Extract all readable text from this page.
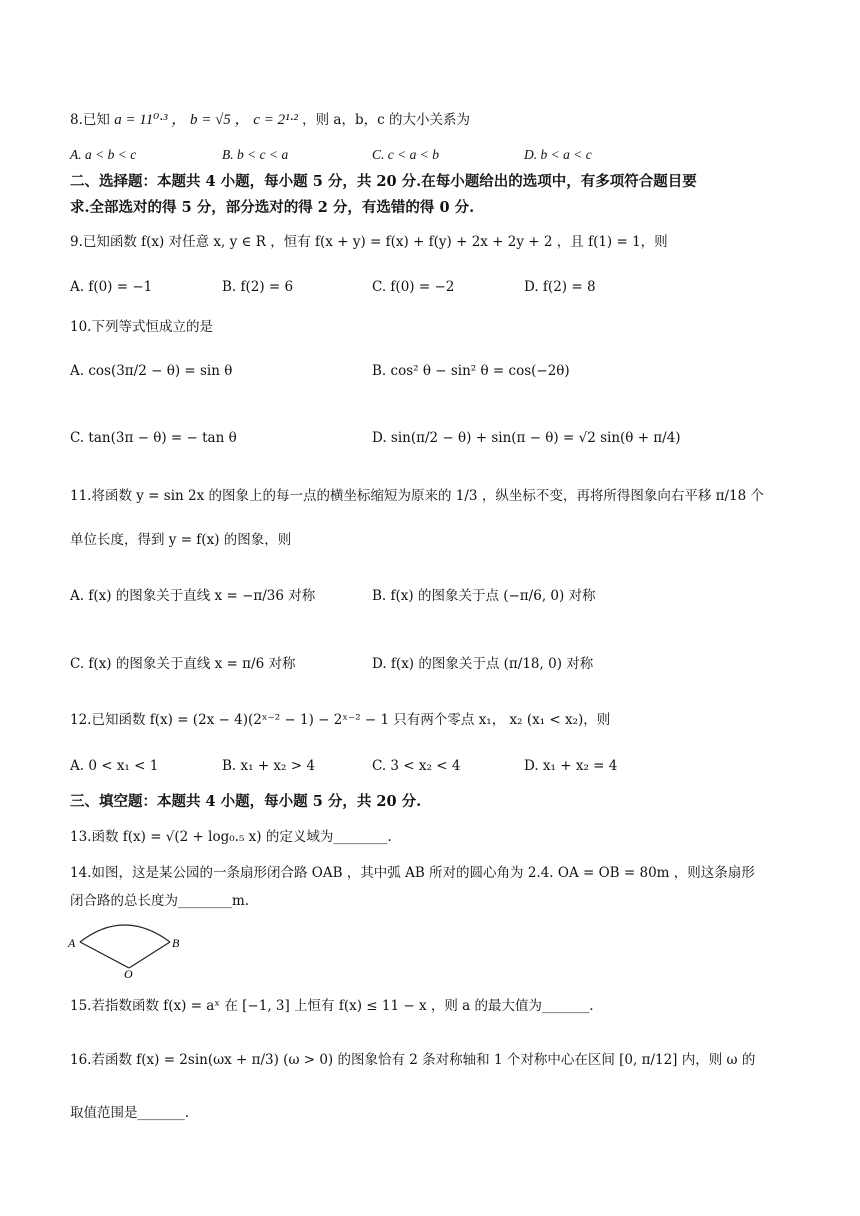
8.已知 a = 11⁰·³ ， b = √5 ， c = 2¹·² ，则 a，b，c 的大小关系为
A. a < b < c	B. b < c < a	C. c < a < b	D. b < a < c
二、选择题：本题共 4 小题，每小题 5 分，共 20 分.在每小题给出的选项中，有多项符合题目要
求.全部选对的得 5 分，部分选对的得 2 分，有选错的得 0 分.
9.已知函数 f(x) 对任意 x, y ∈ R ，恒有 f(x + y) = f(x) + f(y) + 2x + 2y + 2 ，且 f(1) = 1，则
A. f(0) = −1	B. f(2) = 6	C. f(0) = −2	D. f(2) = 8
10.下列等式恒成立的是
A. cos(3π/2 − θ) = sin θ	B. cos² θ − sin² θ = cos(−2θ)
C. tan(3π − θ) = − tan θ	D. sin(π/2 − θ) + sin(π − θ) = √2 sin(θ + π/4)
11.将函数 y = sin 2x 的图象上的每一点的横坐标缩短为原来的 1/3 ，纵坐标不变，再将所得图象向右平移 π/18 个
单位长度，得到 y = f(x) 的图象，则
A. f(x) 的图象关于直线 x = −π/36 对称	B. f(x) 的图象关于点 (−π/6, 0) 对称
C. f(x) 的图象关于直线 x = π/6 对称	D. f(x) 的图象关于点 (π/18, 0) 对称
12.已知函数 f(x) = (2x − 4)(2ˣ⁻² − 1) − 2ˣ⁻² − 1 只有两个零点 x₁， x₂ (x₁ < x₂)，则
A. 0 < x₁ < 1	B. x₁ + x₂ > 4	C. 3 < x₂ < 4	D. x₁ + x₂ = 4
三、填空题：本题共 4 小题，每小题 5 分，共 20 分.
13.函数 f(x) = √(2 + log₀.₅ x) 的定义域为________.
14.如图，这是某公园的一条扇形闭合路 OAB ，其中弧 AB 所对的圆心角为 2.4. OA = OB = 80m ，则这条扇形
闭合路的总长度为________m.
A	B
O
15.若指数函数 f(x) = aˣ 在 [−1, 3] 上恒有 f(x) ≤ 11 − x ，则 a 的最大值为_______.
16.若函数 f(x) = 2sin(ωx + π/3) (ω > 0) 的图象恰有 2 条对称轴和 1 个对称中心在区间 [0, π/12] 内，则 ω 的
取值范围是_______.
